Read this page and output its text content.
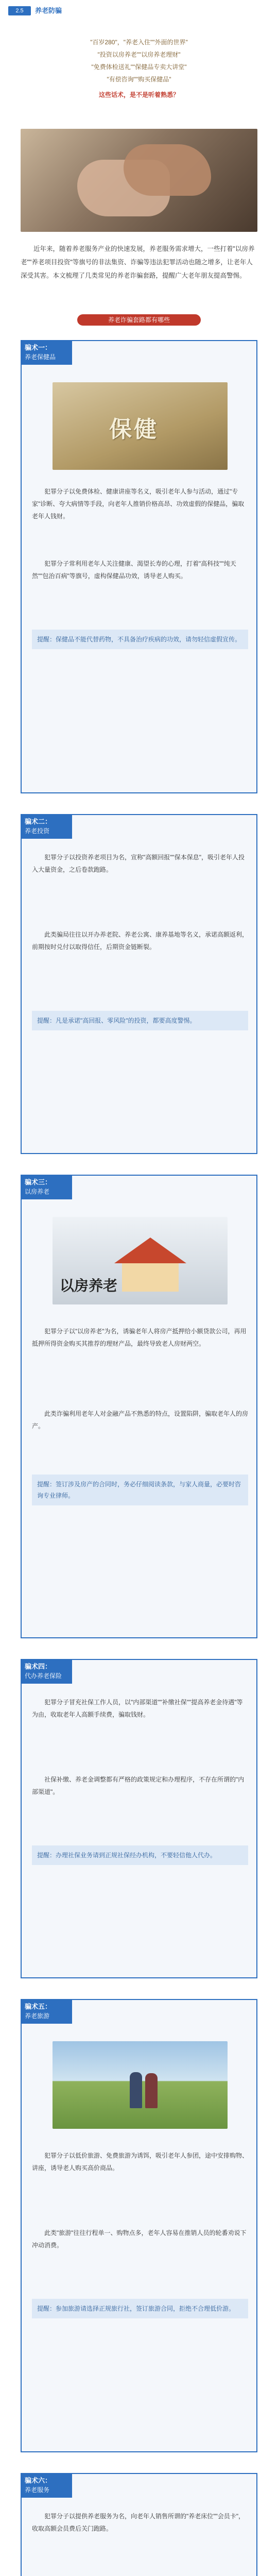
2.5	养老防骗
"百岁280"，"养老入住""外面的世界"
"投资以房养老""以房养老理财"
"免费体检送礼""保健品专卖大讲堂"
"有偿咨询""购买保健品"
这些话术，是不是听着熟悉？
近年来，随着养老服务产业的快速发展，养老服务需求增大，一些打着"以房养老""养老项目投资"等旗号的非法集资、诈骗等违法犯罪活动也随之增多，让老年人深受其害。本文梳理了几类常见的养老诈骗套路，提醒广大老年朋友提高警惕。
养老诈骗套路都有哪些
骗术一：
养老保健品
保健
犯罪分子以免费体检、健康讲座等名义，吸引老年人参与活动，通过"专家"诊断、夸大病情等手段，向老年人推销价格高昂、功效虚假的保健品，骗取老年人钱财。
犯罪分子常利用老年人关注健康、渴望长寿的心理，打着"高科技""纯天然""包治百病"等旗号，虚构保健品功效，诱导老人购买。
提醒：保健品不能代替药物，不具备治疗疾病的功效，请勿轻信虚假宣传。
骗术二：
养老投资
犯罪分子以投资养老项目为名，宣称"高额回报""保本保息"，吸引老年人投入大量资金，之后卷款跑路。
此类骗局往往以开办养老院、养老公寓、康养基地等名义，承诺高额返利，前期按时兑付以取得信任，后期资金链断裂。
提醒：凡是承诺"高回报、零风险"的投资，都要高度警惕。
骗术三：
以房养老
以房养老
犯罪分子以"以房养老"为名，诱骗老年人将房产抵押给小额贷款公司，再用抵押所得资金购买其推荐的理财产品，最终导致老人房财两空。
此类诈骗利用老年人对金融产品不熟悉的特点，设置陷阱，骗取老年人的房产。
提醒：签订涉及房产的合同时，务必仔细阅读条款，与家人商量，必要时咨询专业律师。
骗术四：
代办养老保险
犯罪分子冒充社保工作人员，以"内部渠道""补缴社保""提高养老金待遇"等为由，收取老年人高额手续费，骗取钱财。
社保补缴、养老金调整都有严格的政策规定和办理程序，不存在所谓的"内部渠道"。
提醒：办理社保业务请到正规社保经办机构，不要轻信他人代办。
骗术五：
养老旅游
犯罪分子以低价旅游、免费旅游为诱饵，吸引老年人参团，途中安排购物、讲座，诱导老人购买高价商品。
此类"旅游"往往行程单一、购物点多，老年人容易在推销人员的轮番劝说下冲动消费。
提醒：参加旅游请选择正规旅行社，签订旅游合同，拒绝不合理低价游。
骗术六：
养老服务
犯罪分子以提供养老服务为名，向老年人销售所谓的"养老床位""会员卡"，收取高额会员费后关门跑路。
